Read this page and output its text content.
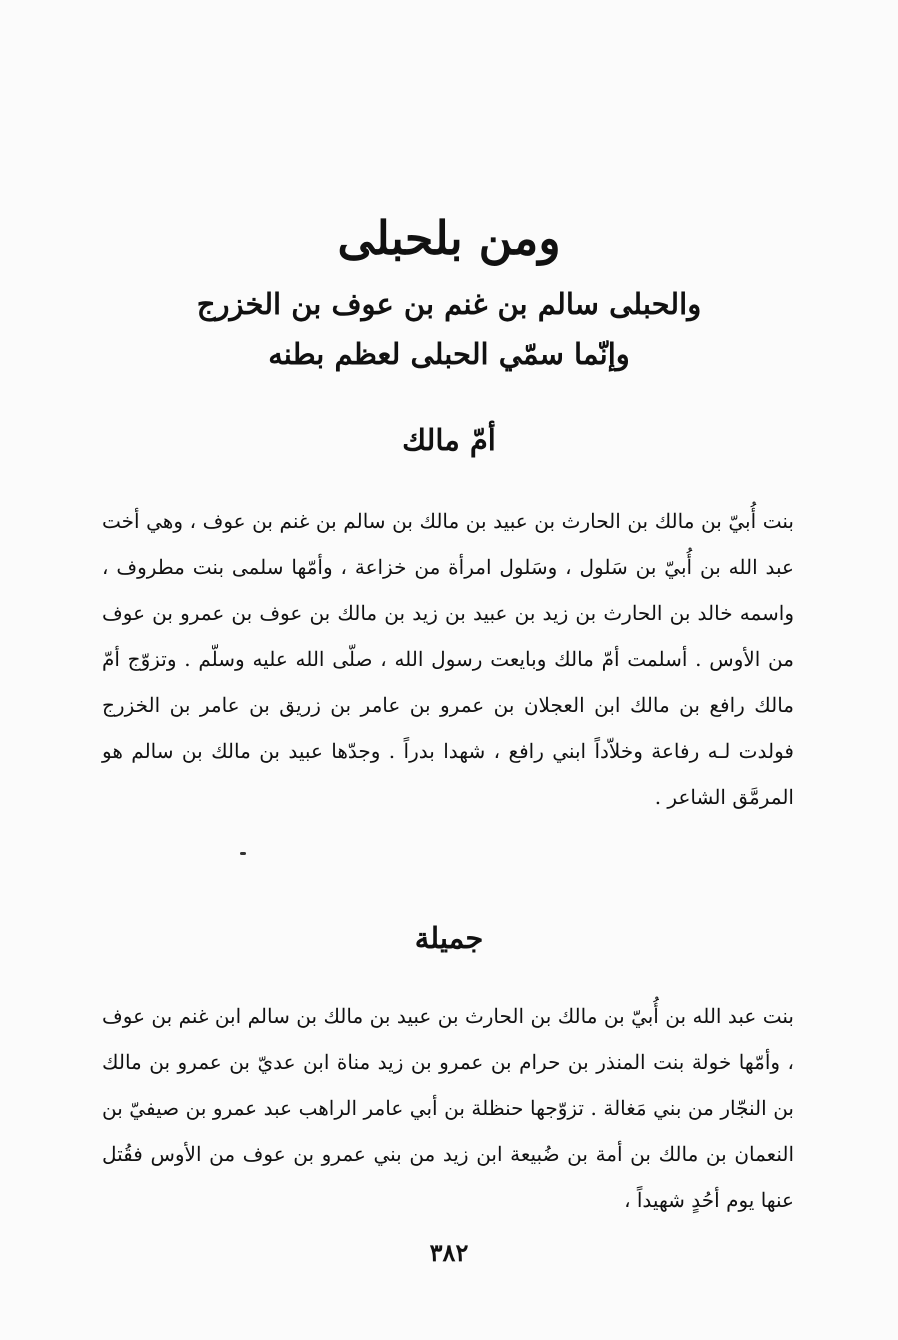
ومن بلحبلى
والحبلى سالم بن غنم بن عوف بن الخزرج
وإنّما سمّي الحبلى لعظم بطنه
أمّ مالك

بنت أُبيّ بن مالك بن الحارث بن عبيد بن مالك بن سالم بن غنم بن عوف ، وهي أخت عبد الله بن أُبيّ بن سَلول ، وسَلول امرأة من خزاعة ، وأمّها سلمى بنت مطروف ، واسمه خالد بن الحارث بن زيد بن عبيد بن زيد بن مالك بن عوف بن عمرو بن عوف من الأوس . أسلمت أمّ مالك وبايعت رسول الله ، صلّى الله عليه وسلّم . وتزوّج أمّ مالك رافع بن مالك ابن العجلان بن عمرو بن عامر بن زريق بن عامر بن الخزرج فولدت لـه رفاعة وخلاّداً ابني رافع ، شهدا بدراً . وجدّها عبيد بن مالك بن سالم هو المرمَّق الشاعر .

جميلة

بنت عبد الله بن أُبيّ بن مالك بن الحارث بن عبيد بن مالك بن سالم ابن غنم بن عوف ، وأمّها خولة بنت المنذر بن حرام بن عمرو بن زيد مناة ابن عديّ بن عمرو بن مالك بن النجّار من بني مَغالة . تزوّجها حنظلة بن أبي عامر الراهب عبد عمرو بن صيفيّ بن النعمان بن مالك بن أمة بن ضُبيعة ابن زيد من بني عمرو بن عوف من الأوس فقُتل عنها يوم أحُدٍ شهيداً ،

٣٨٢
